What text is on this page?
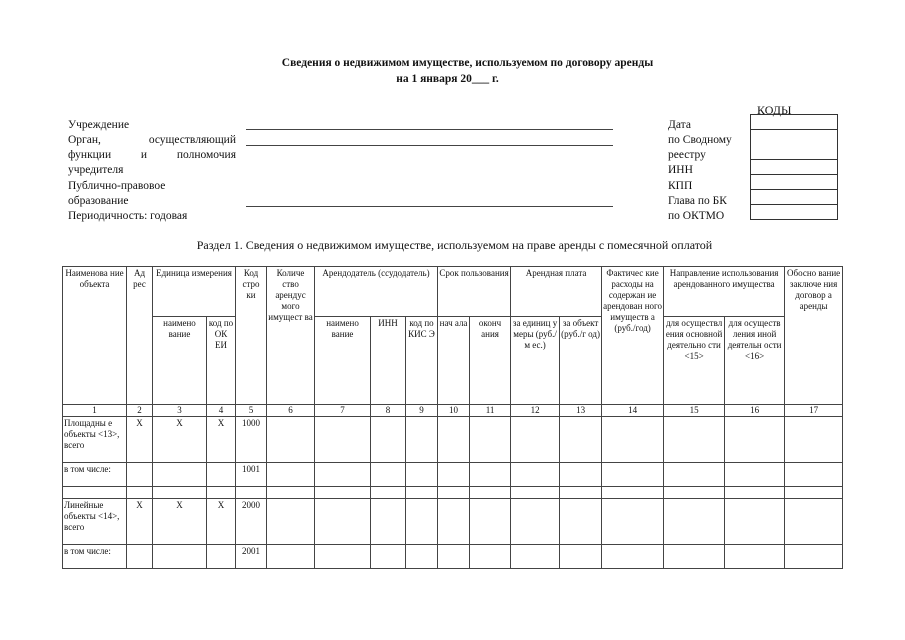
Сведения о недвижимом имуществе, используемом по договору аренды
на 1 января 20___ г.
Учреждение
Орган,	осуществляющий
функции	и	полномочия
учредителя
Публично-правовое
образование
Периодичность: годовая
КОДЫ

Дата
по Сводному
реестру
ИНН
КПП
Глава по БК
по ОКТМО
Раздел 1. Сведения о недвижимом имуществе, используемом на праве аренды с помесячной оплатой
Наименова ние объекта	Ад рес	Единица измерения		Код стро ки	Количе ство арендус мого имущест ва	Арендодатель (ссудодатель)			Срок пользования		Арендная плата		Фактичес кие расходы на содержан ие арендован ного имуществ а (руб./год)	Направление использования арендованного имущества		Обосно вание заключе ния договор а аренды
		наимено вание	код по ОК ЕИ			наимено вание	ИНН	код по КИС Э	нач ала	оконч ания	за единиц у меры (руб./м ес.)	за объект (руб./г од)		для осуществл ения основной деятельно сти <15>	для осуществ ления иной деятельн ости <16>	
1	2	3	4	5	6	7	8	9	10	11	12	13	14	15	16	17
Площадны е объекты <13>, всего	X	X	X	1000												
в том числе:				1001												

Линейные объекты <14>, всего	X	X	X	2000												
в том числе:				2001												
